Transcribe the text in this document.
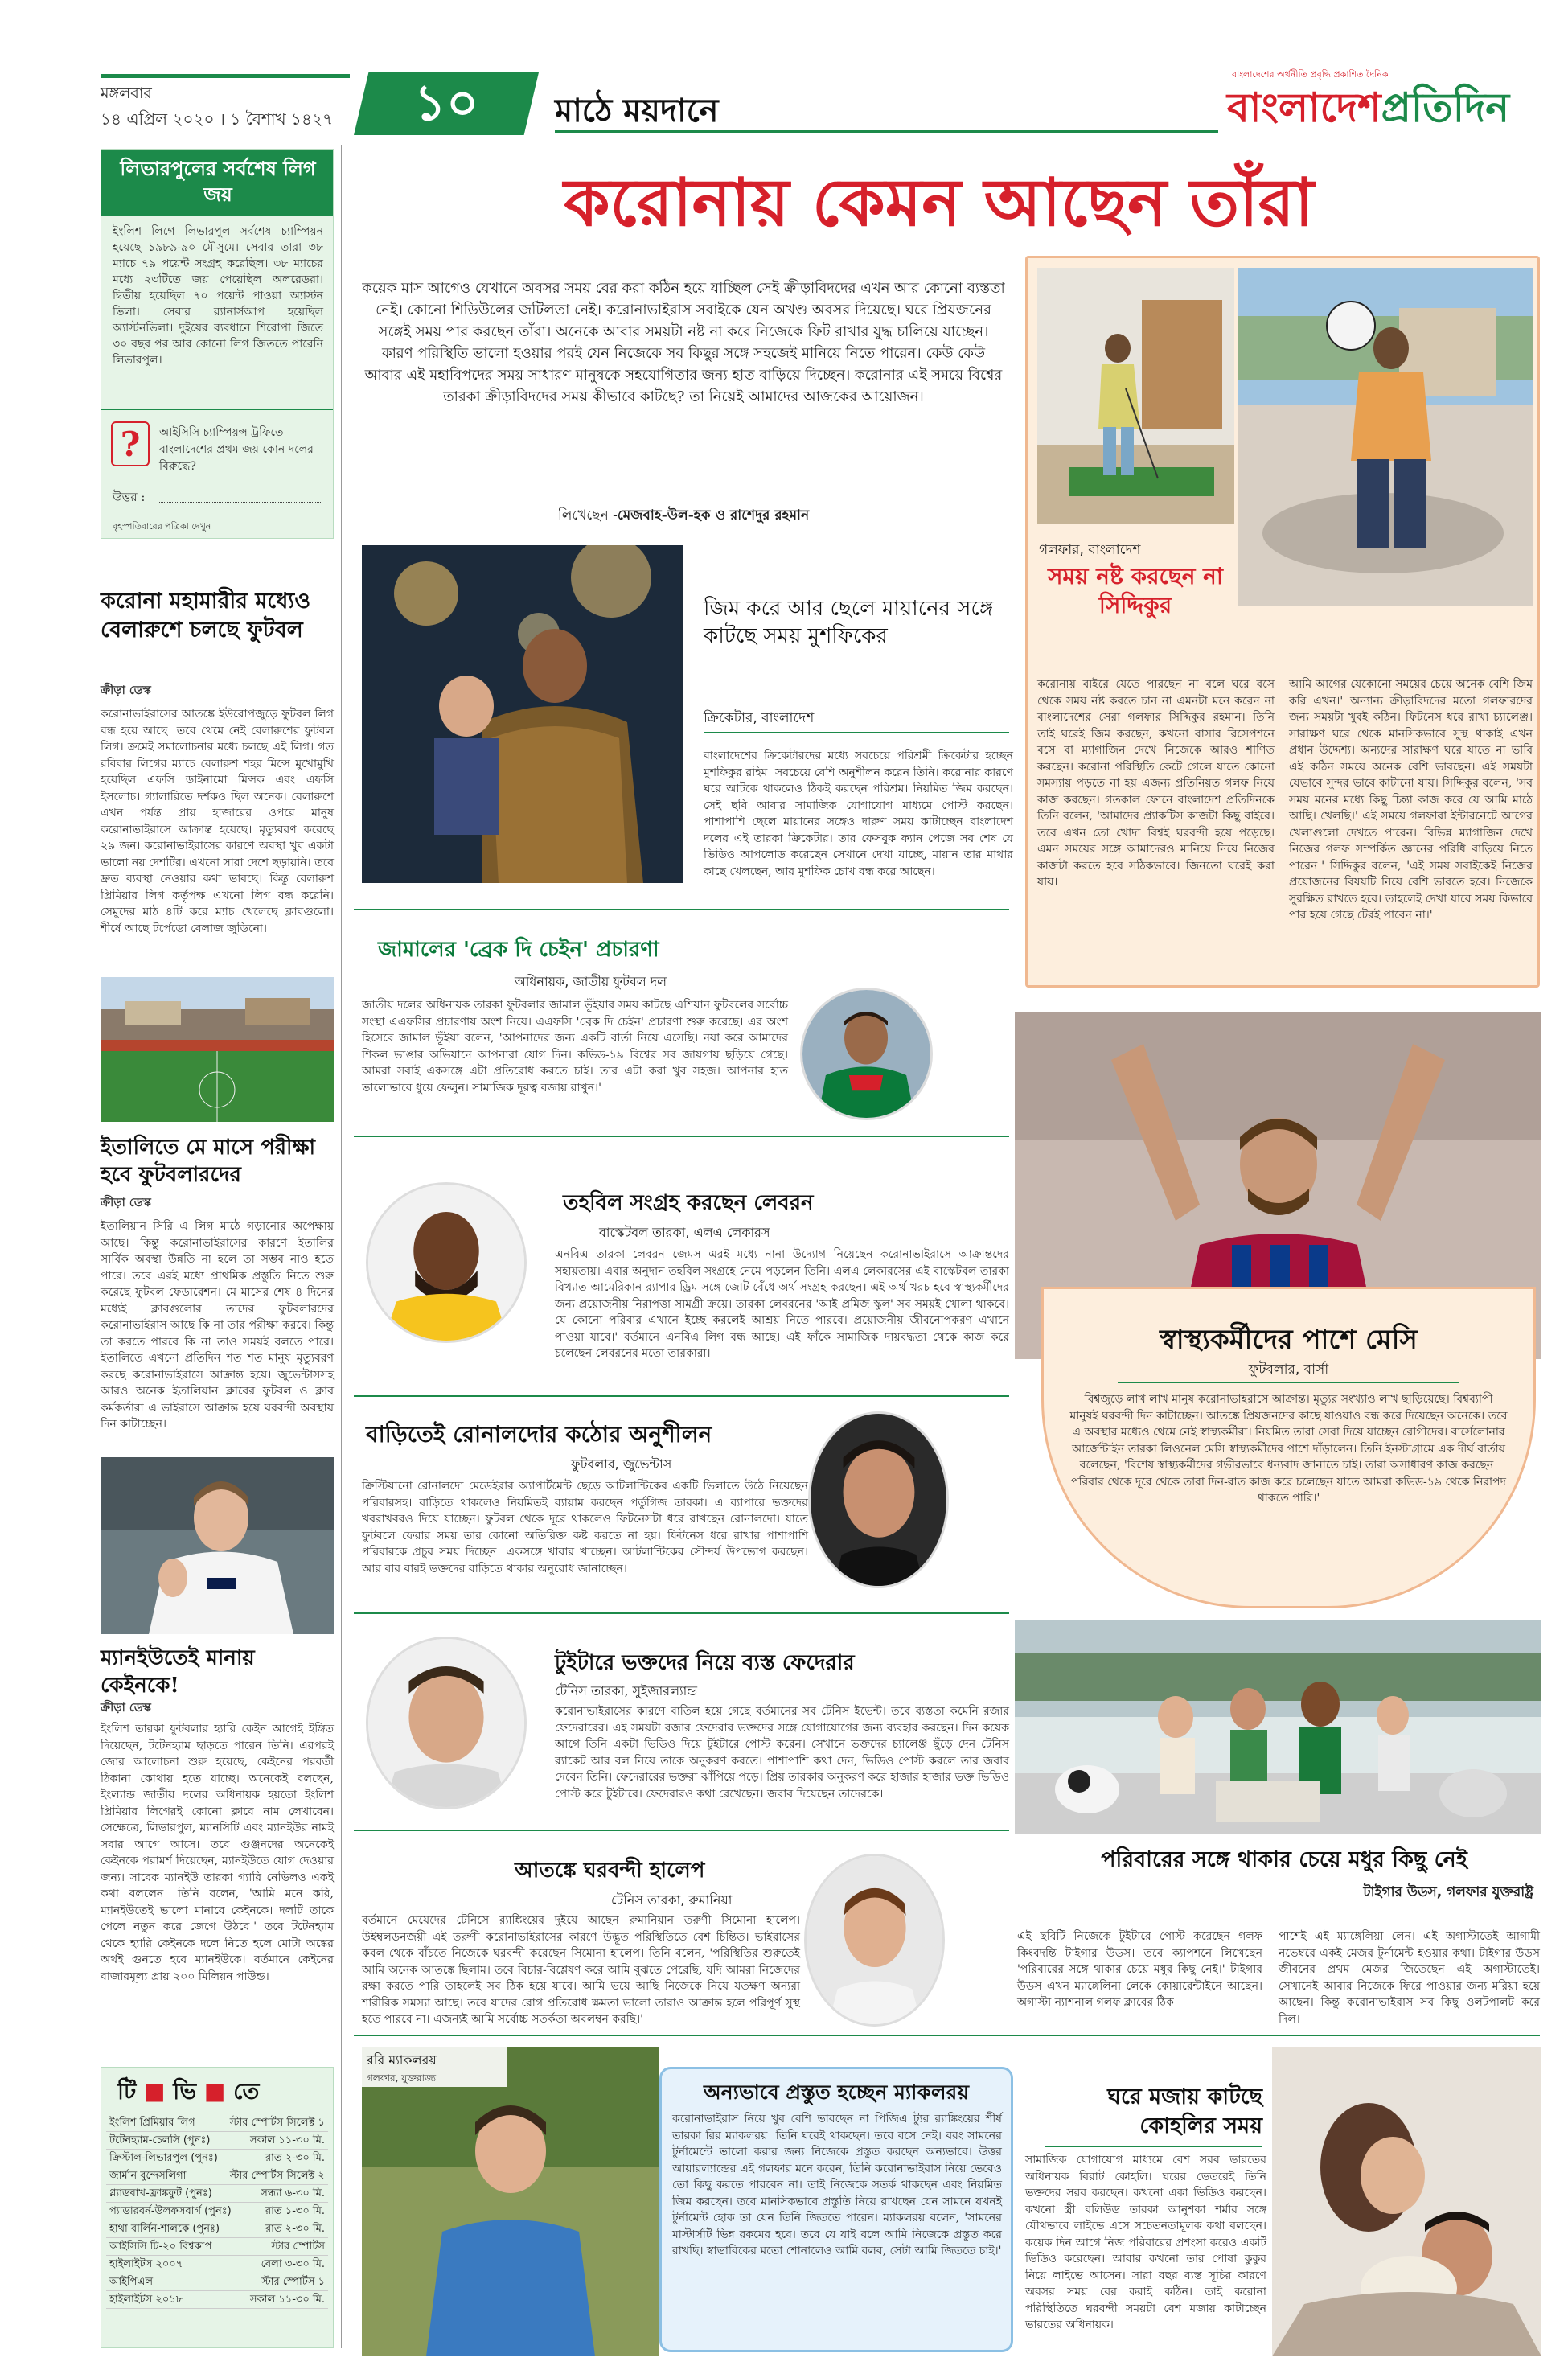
মঙ্গলবার
১৪ এপ্রিল ২০২০ । ১ বৈশাখ ১৪২৭	১০	মাঠে ময়দানে
বাংলাদেশের অর্থনীতি প্রবৃদ্ধি প্রকাশিত দৈনিক
বাংলাদেশপ্রতিদিন
লিভারপুলের সর্বশেষ লিগ জয়
ইংলিশ লিগে লিভারপুল সর্বশেষ চ্যাম্পিয়ন হয়েছে ১৯৮৯-৯০ মৌসুমে। সেবার তারা ৩৮ ম্যাচে ৭৯ পয়েন্ট সংগ্রহ করেছিল। ৩৮ ম্যাচের মধ্যে ২৩টিতে জয় পেয়েছিল অলরেডরা। দ্বিতীয় হয়েছিল ৭০ পয়েন্ট পাওয়া অ্যাস্টন ভিলা। সেবার র‍্যানার্সআপ হয়েছিল অ্যাস্টনভিলা। দুইয়ের ব্যবধানে শিরোপা জিতে ৩০ বছর পর আর কোনো লিগ জিততে পারেনি লিভারপুল।
?	আইসিসি চ্যাম্পিয়ন্স ট্রফিতে বাংলাদেশের প্রথম জয় কোন দলের বিরুদ্ধে?
উত্তর :
বৃহস্পতিবারের পত্রিকা দেখুন
করোনা মহামারীর মধ্যেও বেলারুশে চলছে ফুটবল
ক্রীড়া ডেস্ক
করোনাভাইরাসের আতঙ্কে ইউরোপজুড়ে ফুটবল লিগ বন্ধ হয়ে আছে। তবে থেমে নেই বেলারুশের ফুটবল লিগ। ক্রমেই সমালোচনার মধ্যে চলছে এই লিগ। গত রবিবার লিগের ম্যাচে বেলারুশ শহর মিন্সে মুখোমুখি হয়েছিল এফসি ডাইনামো মিন্সক এবং এফসি ইসলোচ। গ্যালারিতে দর্শকও ছিল অনেক। বেলারুশে এখন পর্যন্ত প্রায় হাজারের ওপরে মানুষ করোনাভাইরাসে আক্রান্ত হয়েছে। মৃত্যুবরণ করেছে ২৯ জন। করোনাভাইরাসের কারণে অবস্থা খুব একটা ভালো নয় দেশটির। এখনো সারা দেশে ছড়ায়নি। তবে দ্রুত ব্যবস্থা নেওয়ার কথা ভাবছে। কিন্তু বেলারুশ প্রিমিয়ার লিগ কর্তৃপক্ষ এখনো লিগ বন্ধ করেনি। সেমুদের মাঠ ৪টি করে ম্যাচ খেলেছে ক্লাবগুলো। শীর্ষে আছে টর্পেডো বেলাজ জুডিনো।
ইতালিতে মে মাসে পরীক্ষা হবে ফুটবলারদের
ক্রীড়া ডেস্ক
ইতালিয়ান সিরি এ লিগ মাঠে গড়ানোর অপেক্ষায় আছে। কিন্তু করোনাভাইরাসের কারণে ইতালির সার্বিক অবস্থা উন্নতি না হলে তা সম্ভব নাও হতে পারে। তবে এরই মধ্যে প্রাথমিক প্রস্তুতি নিতে শুরু করেছে ফুটবল ফেডারেশন। মে মাসের শেষ ৪ দিনের মধ্যেই ক্লাবগুলোর তাদের ফুটবলারদের করোনাভাইরাস আছে কি না তার পরীক্ষা করবে। কিন্তু তা করতে পারবে কি না তাও সময়ই বলতে পারে। ইতালিতে এখনো প্রতিদিন শত শত মানুষ মৃত্যুবরণ করছে করোনাভাইরাসে আক্রান্ত হয়ে। জুভেন্টাসসহ আরও অনেক ইতালিয়ান ক্লাবের ফুটবল ও ক্লাব কর্মকর্তারা এ ভাইরাসে আক্রান্ত হয়ে ঘরবন্দী অবস্থায় দিন কাটাচ্ছেন।
ম্যানইউতেই মানায় কেইনকে!
ক্রীড়া ডেস্ক
ইংলিশ তারকা ফুটবলার হ্যারি কেইন আগেই ইঙ্গিত দিয়েছেন, টটেনহ্যাম ছাড়তে পারেন তিনি। এরপরই জোর আলোচনা শুরু হয়েছে, কেইনের পরবর্তী ঠিকানা কোথায় হতে যাচ্ছে। অনেকেই বলছেন, ইংল্যান্ড জাতীয় দলের অধিনায়ক হয়তো ইংলিশ প্রিমিয়ার লিগেরই কোনো ক্লাবে নাম লেখাবেন। সেক্ষেত্রে, লিভারপুল, ম্যানসিটি এবং ম্যানইউর নামই সবার আগে আসে। তবে গুঞ্জনদের অনেকেই কেইনকে পরামর্শ দিয়েছেন, ম্যানইউতে যোগ দেওয়ার জন্য। সাবেক ম্যানইউ তারকা গ্যারি নেভিলও একই কথা বললেন। তিনি বলেন, 'আমি মনে করি, ম্যানইউতেই ভালো মানাবে কেইনকে। দলটি তাকে পেলে নতুন করে জেগে উঠবে।' তবে টটেনহ্যাম থেকে হ্যারি কেইনকে দলে নিতে হলে মোটা অঙ্কের অর্থই গুনতে হবে ম্যানইউকে। বর্তমানে কেইনের বাজারমূল্য প্রায় ২০০ মিলিয়ন পাউন্ড।
টি ■ ভি ■ তে
ইংলিশ প্রিমিয়ার লিগ	স্টার স্পোর্টস সিলেক্ট ১
টটেনহ্যাম-চেলসি (পুনঃ)	সকাল ১১-৩০ মি.
ক্রিস্টাল-লিভারপুল (পুনঃ)	রাত ২-৩০ মি.
জার্মান বুন্দেসলিগা	স্টার স্পোর্টস সিলেক্ট ২
গ্ল্যাডবাখ-ফ্রাঙ্কফুর্ট (পুনঃ)	সন্ধ্যা ৬-৩০ মি.
প্যাডারবর্ন-উলফসবার্গ (পুনঃ)	রাত ১-৩০ মি.
হাথা বার্লিন-শালকে (পুনঃ)	রাত ২-৩০ মি.
আইসিসি টি-২০ বিশ্বকাপ	স্টার স্পোর্টস
হাইলাইটস ২০০৭	বেলা ৩-৩০ মি.
আইপিএল	স্টার স্পোর্টস ১
হাইলাইটস ২০১৮	সকাল ১১-৩০ মি.
করোনায় কেমন আছেন তাঁরা
কয়েক মাস আগেও যেখানে অবসর সময় বের করা কঠিন হয়ে যাচ্ছিল সেই ক্রীড়াবিদদের এখন আর কোনো ব্যস্ততা নেই। কোনো শিডিউলের জটিলতা নেই। করোনাভাইরাস সবাইকে যেন অখণ্ড অবসর দিয়েছে। ঘরে প্রিয়জনের সঙ্গেই সময় পার করছেন তাঁরা। অনেকে আবার সময়টা নষ্ট না করে নিজেকে ফিট রাখার যুদ্ধ চালিয়ে যাচ্ছেন। কারণ পরিস্থিতি ভালো হওয়ার পরই যেন নিজেকে সব কিছুর সঙ্গে সহজেই মানিয়ে নিতে পারেন। কেউ কেউ আবার এই মহাবিপদের সময় সাধারণ মানুষকে সহযোগিতার জন্য হাত বাড়িয়ে দিচ্ছেন। করোনার এই সময়ে বিশ্বের তারকা ক্রীড়াবিদদের সময় কীভাবে কাটছে? তা নিয়েই আমাদের আজকের আয়োজন।
লিখেছেন -মেজবাহ-উল-হক ও রাশেদুর রহমান
গলফার, বাংলাদেশ
সময় নষ্ট করছেন না সিদ্দিকুর
করোনায় বাইরে যেতে পারছেন না বলে ঘরে বসে থেকে সময় নষ্ট করতে চান না এমনটা মনে করেন না বাংলাদেশের সেরা গলফার সিদ্দিকুর রহমান। তিনি তাই ঘরেই জিম করছেন, কখনো বাসার রিসেপশনে বসে বা ম্যাগাজিন দেখে নিজেকে আরও শাণিত করছেন। করোনা পরিস্থিতি কেটে গেলে যাতে কোনো সমস্যায় পড়তে না হয় এজন্য প্রতিনিয়ত গলফ নিয়ে কাজ করছেন। গতকাল ফোনে বাংলাদেশ প্রতিদিনকে তিনি বলেন, 'আমাদের প্র্যাকটিস কাজটা কিছু বাইরে। তবে এখন তো খোদা বিশ্বই ঘরবন্দী হয়ে পড়েছে। এমন সময়ের সঙ্গে আমাদেরও মানিয়ে নিয়ে নিজের কাজটা করতে হবে সঠিকভাবে। জিনতো ঘরেই করা যায়।
আমি আগের যেকোনো সময়ের চেয়ে অনেক বেশি জিম করি এখন।' অন্যান্য ক্রীড়াবিদদের মতো গলফারদের জন্য সময়টা খুবই কঠিন। ফিটনেস ধরে রাখা চ্যালেঞ্জ। সারাক্ষণ ঘরে থেকে মানসিকভাবে সুস্থ থাকাই এখন প্রধান উদ্দেশ্য। অন্যদের সারাক্ষণ ঘরে যাতে না ভাবি এই কঠিন সময়ে অনেক বেশি ভাবছেন। এই সময়টা যেভাবে সুন্দর ভাবে কাটানো যায়। সিদ্দিকুর বলেন, 'সব সময় মনের মধ্যে কিছু চিন্তা কাজ করে যে আমি মাঠে আছি। খেলছি।' এই সময়ে গলফারা ইন্টারনেটে আগের খেলাগুলো দেখতে পারেন। বিভিন্ন ম্যাগাজিন দেখে নিজের গলফ সম্পর্কিত জ্ঞানের পরিধি বাড়িয়ে নিতে পারেন।' সিদ্দিকুর বলেন, 'এই সময় সবাইকেই নিজের প্রয়োজনের বিষয়টি নিয়ে বেশি ভাবতে হবে। নিজেকে সুরক্ষিত রাখতে হবে। তাহলেই দেখা যাবে সময় কিভাবে পার হয়ে গেছে টেরই পাবেন না।'
জিম করে আর ছেলে মায়ানের সঙ্গে কাটছে সময় মুশফিকের
ক্রিকেটার, বাংলাদেশ
বাংলাদেশের ক্রিকেটারদের মধ্যে সবচেয়ে পরিশ্রমী ক্রিকেটার হচ্ছেন মুশফিকুর রহিম। সবচেয়ে বেশি অনুশীলন করেন তিনি। করোনার কারণে ঘরে আটকে থাকলেও ঠিকই করছেন পরিশ্রম। নিয়মিত জিম করছেন। সেই ছবি আবার সামাজিক যোগাযোগ মাধ্যমে পোস্ট করছেন। পাশাপাশি ছেলে মায়ানের সঙ্গেও দারুণ সময় কাটাচ্ছেন বাংলাদেশ দলের এই তারকা ক্রিকেটার। তার ফেসবুক ফ্যান পেজে সব শেষ যে ভিডিও আপলোড করেছেন সেখানে দেখা যাচ্ছে, মায়ান তার মাথার কাছে খেলছেন, আর মুশফিক চোখ বন্ধ করে আছেন।
জামালের 'ব্রেক দি চেইন' প্রচারণা
অধিনায়ক, জাতীয় ফুটবল দল
জাতীয় দলের অধিনায়ক তারকা ফুটবলার জামাল ভূঁইয়ার সময় কাটছে এশিয়ান ফুটবলের সর্বোচ্চ সংস্থা এএফসির প্রচারণায় অংশ নিয়ে। এএফসি 'ব্রেক দি চেইন' প্রচারণা শুরু করেছে। এর অংশ হিসেবে জামাল ভূঁইয়া বলেন, 'আপনাদের জন্য একটি বার্তা নিয়ে এসেছি। নয়া করে আমাদের শিকল ভাঙার অভিযানে আপনারা যোগ দিন। কভিড-১৯ বিশ্বের সব জায়গায় ছড়িয়ে গেছে। আমরা সবাই একসঙ্গে এটা প্রতিরোধ করতে চাই। তার এটা করা খুব সহজ। আপনার হাত ভালোভাবে ধুয়ে ফেলুন। সামাজিক দূরত্ব বজায় রাখুন।'
তহবিল সংগ্রহ করছেন লেবরন
বাস্কেটবল তারকা, এলএ লেকারস
এনবিএ তারকা লেবরন জেমস এরই মধ্যে নানা উদ্যোগ নিয়েছেন করোনাভাইরাসে আক্রান্তদের সহায়তায়। এবার অনুদান তহবিল সংগ্রহে নেমে পড়লেন তিনি। এলএ লেকারসের এই বাস্কেটবল তারকা বিখ্যাত আমেরিকান র‍্যাপার ড্রিম সঙ্গে জোট বেঁধে অর্থ সংগ্রহ করছেন। এই অর্থ খরচ হবে স্বাস্থ্যকর্মীদের জন্য প্রয়োজনীয় নিরাপত্তা সামগ্রী ক্রয়ে। তারকা লেবরনের 'আই প্রমিজ স্কুল' সব সময়ই খোলা থাকবে। যে কোনো পরিবার এখানে ইচ্ছে করলেই আশ্রয় নিতে পারবে। প্রয়োজনীয় জীবনোপকরণ এখানে পাওয়া যাবে।' বর্তমানে এনবিএ লিগ বন্ধ আছে। এই ফাঁকে সামাজিক দায়বদ্ধতা থেকে কাজ করে চলেছেন লেবরনের মতো তারকারা।
বাড়িতেই রোনালদোর কঠোর অনুশীলন
ফুটবলার, জুভেন্টাস
ক্রিস্টিয়ানো রোনালদো মেডেইরার অ্যাপার্টমেন্ট ছেড়ে আটলান্টিকের একটি ভিলাতে উঠে নিয়েছেন পরিবারসহ। বাড়িতে থাকলেও নিয়মিতই ব্যায়াম করছেন পর্তুগিজ তারকা। এ ব্যাপারে ভক্তদের খবরাখবরও দিয়ে যাচ্ছেন। ফুটবল থেকে দূরে থাকলেও ফিটনেসটা ধরে রাখছেন রোনালদো। যাতে ফুটবলে ফেরার সময় তার কোনো অতিরিক্ত কষ্ট করতে না হয়। ফিটনেস ধরে রাখার পাশাপাশি পরিবারকে প্রচুর সময় দিচ্ছেন। একসঙ্গে খাবার খাচ্ছেন। আটলান্টিকের সৌন্দর্য উপভোগ করছেন। আর বার বারই ভক্তদের বাড়িতে থাকার অনুরোধ জানাচ্ছেন।
টুইটারে ভক্তদের নিয়ে ব্যস্ত ফেদেরার
টেনিস তারকা, সুইজারল্যান্ড
করোনাভাইরাসের কারণে বাতিল হয়ে গেছে বর্তমানের সব টেনিস ইভেন্ট। তবে ব্যস্ততা কমেনি রজার ফেদেরারের। এই সময়টা রজার ফেদেরার ভক্তদের সঙ্গে যোগাযোগের জন্য ব্যবহার করছেন। দিন কয়েক আগে তিনি একটা ভিডিও দিয়ে টুইটারে পোস্ট করেন। সেখানে ভক্তদের চ্যালেঞ্জ ছুঁড়ে দেন টেনিস র‍্যাকেট আর বল নিয়ে তাকে অনুকরণ করতে। পাশাপাশি কথা দেন, ভিডিও পোস্ট করলে তার জবাব দেবেন তিনি। ফেদেরারের ভক্তরা ঝাঁপিয়ে পড়ে। প্রিয় তারকার অনুকরণ করে হাজার হাজার ভক্ত ভিডিও পোস্ট করে টুইটারে। ফেদেরারও কথা রেখেছেন। জবাব দিয়েছেন তাদেরকে।
আতঙ্কে ঘরবন্দী হালেপ
টেনিস তারকা, রুমানিয়া
বর্তমানে মেয়েদের টেনিসে র‍্যাঙ্কিংয়ের দুইয়ে আছেন রুমানিয়ান তরুণী সিমোনা হালেপ। উইম্বলডনজয়ী এই তরুণী করোনাভাইরাসের কারণে উদ্ভূত পরিস্থিতিতে বেশ চিন্তিত। ভাইরাসের কবল থেকে বাঁচতে নিজেকে ঘরবন্দী করেছেন সিমোনা হালেপ। তিনি বলেন, 'পরিস্থিতির শুরুতেই আমি অনেক আতঙ্কে ছিলাম। তবে বিচার-বিশ্লেষণ করে আমি বুঝতে পেরেছি, যদি আমরা নিজেদের রক্ষা করতে পারি তাহলেই সব ঠিক হয়ে যাবে। আমি ভয়ে আছি নিজেকে নিয়ে যতক্ষণ অন্যরা শারীরিক সমস্যা আছে। তবে যাদের রোগ প্রতিরোধ ক্ষমতা ভালো তারাও আক্রান্ত হলে পরিপূর্ণ সুস্থ হতে পারবে না। এজন্যই আমি সর্বোচ্চ সতর্কতা অবলম্বন করছি।'
স্বাস্থ্যকর্মীদের পাশে মেসি
ফুটবলার, বার্সা
বিশ্বজুড়ে লাখ লাখ মানুষ করোনাভাইরাসে আক্রান্ত। মৃত্যুর সংখ্যাও লাখ ছাড়িয়েছে। বিশ্বব্যাপী মানুষই ঘরবন্দী দিন কাটাচ্ছেন। আতঙ্কে প্রিয়জনদের কাছে যাওয়াও বন্ধ করে দিয়েছেন অনেকে। তবে এ অবস্থার মধ্যেও থেমে নেই স্বাস্থ্যকর্মীরা। নিয়মিত তারা সেবা দিয়ে যাচ্ছেন রোগীদের। বার্সেলোনার আর্জেন্টাইন তারকা লিওনেল মেসি স্বাস্থ্যকর্মীদের পাশে দাঁড়ালেন। তিনি ইনস্টাগ্রামে এক দীর্ঘ বার্তায় বলেছেন, 'বিশেষ স্বাস্থ্যকর্মীদের গভীরভাবে ধন্যবাদ জানাতে চাই। তারা অসাধারণ কাজ করছেন। পরিবার থেকে দূরে থেকে তারা দিন-রাত কাজ করে চলেছেন যাতে আমরা কভিড-১৯ থেকে নিরাপদ থাকতে পারি।'
পরিবারের সঙ্গে থাকার চেয়ে মধুর কিছু নেই
টাইগার উডস, গলফার যুক্তরাষ্ট্র
এই ছবিটি নিজেকে টুইটারে পোস্ট করেছেন গলফ কিংবদন্তি টাইগার উডস। তবে ক্যাপশনে লিখেছেন 'পরিবারের সঙ্গে থাকার চেয়ে মধুর কিছু নেই।' টাইগার উডস এখন ম্যাঙ্গেলিনা লেকে কোয়ারেন্টাইনে আছেন। অগাস্টা ন্যাশনাল গলফ ক্লাবের ঠিক
পাশেই এই ম্যাঙ্গেলিয়া লেন। এই অগাস্টাতেই আগামী নভেম্বরে একই মেজর টুর্নামেন্ট হওয়ার কথা। টাইগার উডস জীবনের প্রথম মেজর জিতেছেন এই অগাস্টাতেই। সেখানেই আবার নিজেকে ফিরে পাওয়ার জন্য মরিয়া হয়ে আছেন। কিন্তু করোনাভাইরাস সব কিছু ওলটপালট করে দিল।
ররি ম্যাকলরয়
গলফার, যুক্তরাজ্য
অন্যভাবে প্রস্তুত হচ্ছেন ম্যাকলরয়
করোনাভাইরাস নিয়ে খুব বেশি ভাবছেন না পিজিএ ট্যুর র‍্যাঙ্কিংয়ের শীর্ষ তারকা রির ম্যাকলরয়। তিনি ঘরেই থাকছেন। তবে বসে নেই। বরং সামনের টুর্নামেন্টে ভালো করার জন্য নিজেকে প্রস্তুত করছেন অন্যভাবে। উত্তর আয়ারল্যান্ডের এই গলফার মনে করেন, তিনি করোনাভাইরাস নিয়ে ভেবেও তো কিছু করতে পারবেন না। তাই নিজেকে সতর্ক থাকছেন এবং নিয়মিত জিম করছেন। তবে মানসিকভাবে প্রস্তুতি নিয়ে রাখছেন যেন সামনে যখনই টুর্নামেন্ট হোক তা যেন তিনি জিততে পারেন। ম্যাকলরয় বলেন, 'সামনের মাস্টার্সটি ভিন্ন রকমের হবে। তবে যে যাই বলে আমি নিজেকে প্রস্তুত করে রাখছি। স্বাভাবিকের মতো শোনালেও আমি বলব, সেটা আমি জিততে চাই।'
ঘরে মজায় কাটছে কোহলির সময়
সামাজিক যোগাযোগ মাধ্যমে বেশ সরব ভারতের অধিনায়ক বিরাট কোহলি। ঘরের ভেতরেই তিনি ভক্তদের সরব করছেন। কখনো একা ভিডিও করছেন। কখনো স্ত্রী বলিউড তারকা আনুশকা শর্মার সঙ্গে যৌথভাবে লাইভে এসে সচেতনতামূলক কথা বলছেন। কয়েক দিন আগে নিজ পরিবারের প্রশংসা করেও একটি ভিডিও করেছেন। আবার কখনো তার পোষা কুকুর নিয়ে লাইভে আসেন। সারা বছর ব্যস্ত সূচির কারণে অবসর সময় বের করাই কঠিন। তাই করোনা পরিস্থিতিতে ঘরবন্দী সময়টা বেশ মজায় কাটাচ্ছেন ভারতের অধিনায়ক।
